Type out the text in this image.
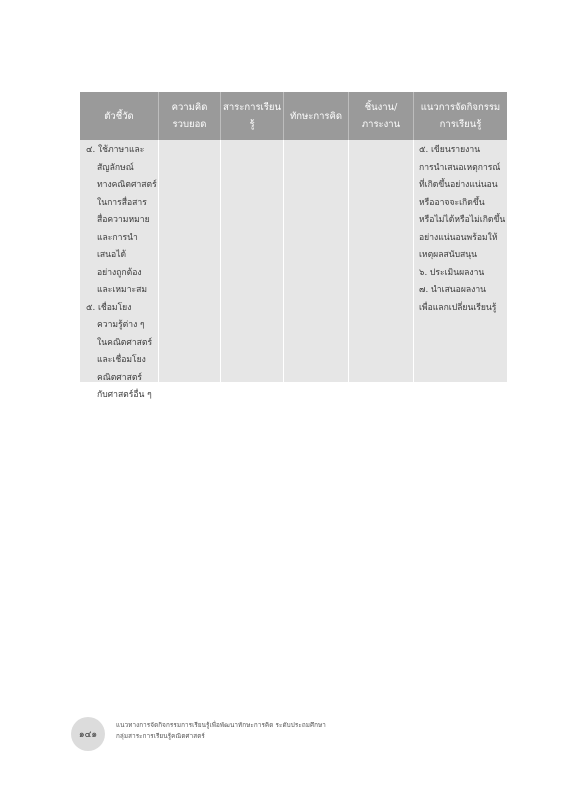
ตัวชี้วัด
ความคิด
รวบยอด
สาระการเรียนรู้
ทักษะการคิด
ชิ้นงาน/
ภาระงาน
แนวการจัดกิจกรรม
การเรียนรู้
๔. ใช้ภาษาและ
สัญลักษณ์
ทางคณิตศาสตร์
ในการสื่อสาร
สื่อความหมาย
และการนำ
เสนอได้
อย่างถูกต้อง
และเหมาะสม
๕. เชื่อมโยง
ความรู้ต่าง ๆ
ในคณิตศาสตร์
และเชื่อมโยง
คณิตศาสตร์
กับศาสตร์อื่น ๆ
๕. เขียนรายงาน
การนำเสนอเหตุการณ์
ที่เกิดขึ้นอย่างแน่นอน
หรืออาจจะเกิดขึ้น
หรือไม่ได้หรือไม่เกิดขึ้น
อย่างแน่นอนพร้อมให้
เหตุผลสนับสนุน
๖. ประเมินผลงาน
๗. นำเสนอผลงาน
เพื่อแลกเปลี่ยนเรียนรู้
๑๔๑
แนวทางการจัดกิจกรรมการเรียนรู้เพื่อพัฒนาทักษะการคิด ระดับประถมศึกษา
กลุ่มสาระการเรียนรู้คณิตศาสตร์
